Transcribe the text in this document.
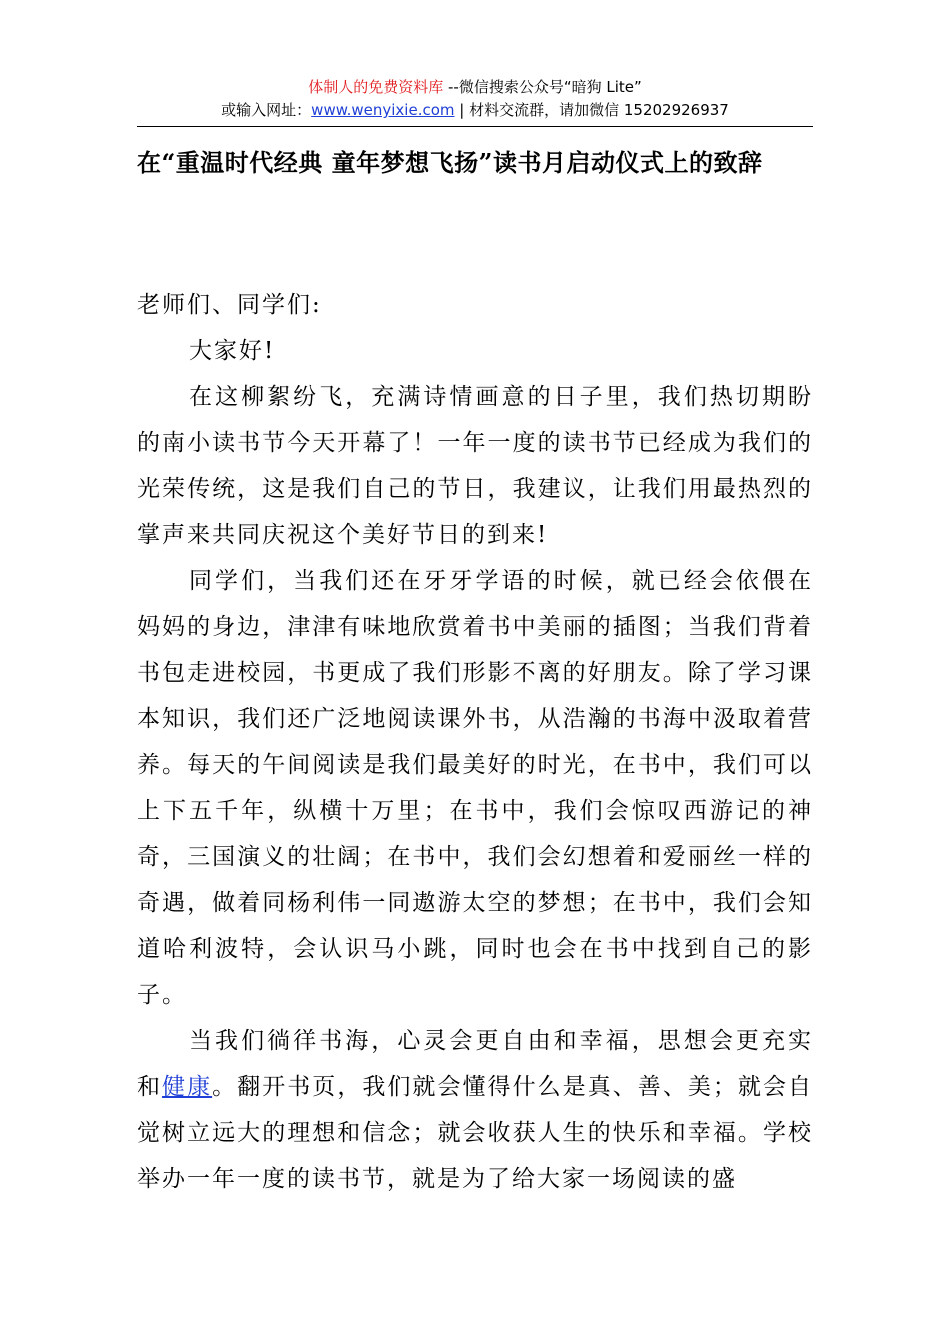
体制人的免费资料库 --微信搜索公众号“暗狗 Lite”
或输入网址：www.wenyixie.com | 材料交流群，请加微信 15202926937
在“重温时代经典 童年梦想飞扬”读书月启动仪式上的致辞

老师们、同学们:

大家好!

在这柳絮纷飞，充满诗情画意的日子里，我们热切期盼的南小读书节今天开幕了！一年一度的读书节已经成为我们的光荣传统，这是我们自己的节日，我建议，让我们用最热烈的掌声来共同庆祝这个美好节日的到来!

同学们，当我们还在牙牙学语的时候，就已经会依偎在妈妈的身边，津津有味地欣赏着书中美丽的插图；当我们背着书包走进校园，书更成了我们形影不离的好朋友。除了学习课本知识，我们还广泛地阅读课外书，从浩瀚的书海中汲取着营养。每天的午间阅读是我们最美好的时光，在书中，我们可以上下五千年，纵横十万里；在书中，我们会惊叹西游记的神奇，三国演义的壮阔；在书中，我们会幻想着和爱丽丝一样的奇遇，做着同杨利伟一同遨游太空的梦想；在书中，我们会知道哈利波特，会认识马小跳，同时也会在书中找到自己的影子。

当我们徜徉书海，心灵会更自由和幸福，思想会更充实和健康。翻开书页，我们就会懂得什么是真、善、美；就会自觉树立远大的理想和信念；就会收获人生的快乐和幸福。学校举办一年一度的读书节，就是为了给大家一场阅读的盛
